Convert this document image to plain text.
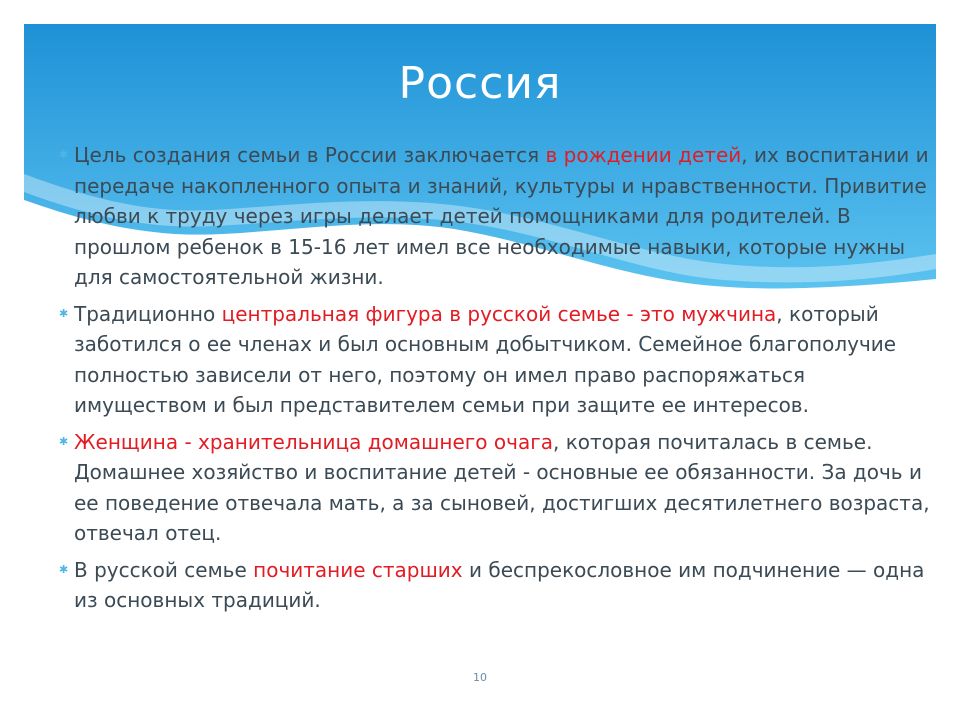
Россия
✱ Цель создания семьи в России заключается в рождении детей, их воспитании и передаче накопленного опыта и знаний, культуры и нравственности. Привитие любви к труду через игры делает детей помощниками для родителей. В прошлом ребенок в 15-16 лет имел все необходимые навыки, которые нужны для самостоятельной жизни.
✱ Традиционно центральная фигура в русской семье - это мужчина, который заботился о ее членах и был основным добытчиком. Семейное благополучие полностью зависели от него, поэтому он имел право распоряжаться имуществом и был представителем семьи при защите ее интересов.
✱ Женщина - хранительница домашнего очага, которая почиталась в семье. Домашнее хозяйство и воспитание детей - основные ее обязанности. За дочь и ее поведение отвечала мать, а за сыновей, достигших десятилетнего возраста, отвечал отец.
✱ В русской семье почитание старших и беспрекословное им подчинение — одна из основных традиций.
10
